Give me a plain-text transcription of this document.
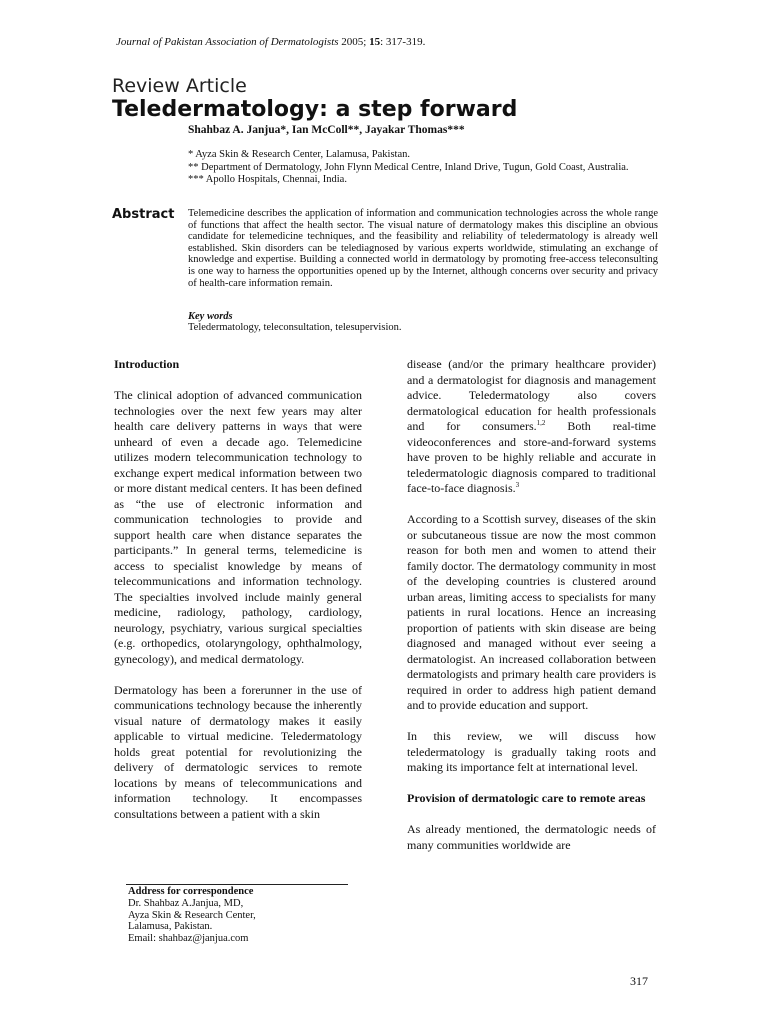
Journal of Pakistan Association of Dermatologists 2005; 15: 317-319.
Review Article
Teledermatology: a step forward
Shahbaz A. Janjua*, Ian McColl**, Jayakar Thomas***
* Ayza Skin & Research Center, Lalamusa, Pakistan.
** Department of Dermatology, John Flynn Medical Centre, Inland Drive, Tugun, Gold Coast, Australia.
*** Apollo Hospitals, Chennai, India.
Abstract Telemedicine describes the application of information and communication technologies across the whole range of functions that affect the health sector. The visual nature of dermatology makes this discipline an obvious candidate for telemedicine techniques, and the feasibility and reliability of teledermatology is already well established. Skin disorders can be telediagnosed by various experts worldwide, stimulating an exchange of knowledge and expertise. Building a connected world in dermatology by promoting free-access teleconsulting is one way to harness the opportunities opened up by the Internet, although concerns over security and privacy of health-care information remain.
Key words
Teledermatology, teleconsultation, telesupervision.

Introduction

The clinical adoption of advanced communication technologies over the next few years may alter health care delivery patterns in ways that were unheard of even a decade ago. Telemedicine utilizes modern telecommunication technology to exchange expert medical information between two or more distant medical centers. It has been defined as “the use of electronic information and communication technologies to provide and support health care when distance separates the participants.” In general terms, telemedicine is access to specialist knowledge by means of telecommunications and information technology. The specialties involved include mainly general medicine, radiology, pathology, cardiology, neurology, psychiatry, various surgical specialties (e.g. orthopedics, otolaryngology, ophthalmology, gynecology), and medical dermatology.

Dermatology has been a forerunner in the use of communications technology because the inherently visual nature of dermatology makes it easily applicable to virtual medicine. Teledermatology holds great potential for revolutionizing the delivery of dermatologic services to remote locations by means of telecommunications and information technology. It encompasses consultations between a patient with a skin

disease (and/or the primary healthcare provider) and a dermatologist for diagnosis and management advice. Teledermatology also covers dermatological education for health professionals and for consumers.$^{1,2}$ Both real-time videoconferences and store-and-forward systems have proven to be highly reliable and accurate in teledermatologic diagnosis compared to traditional face-to-face diagnosis.$^3$

According to a Scottish survey, diseases of the skin or subcutaneous tissue are now the most common reason for both men and women to attend their family doctor. The dermatology community in most of the developing countries is clustered around urban areas, limiting access to specialists for many patients in rural locations. Hence an increasing proportion of patients with skin disease are being diagnosed and managed without ever seeing a dermatologist. An increased collaboration between dermatologists and primary health care providers is required in order to address high patient demand and to provide education and support.

In this review, we will discuss how teledermatology is gradually taking roots and making its importance felt at international level.

Provision of dermatologic care to remote areas

As already mentioned, the dermatologic needs of many communities worldwide are

Address for correspondence
Dr. Shahbaz A.Janjua, MD,
Ayza Skin & Research Center,
Lalamusa, Pakistan.
Email: shahbaz@janjua.com
317
